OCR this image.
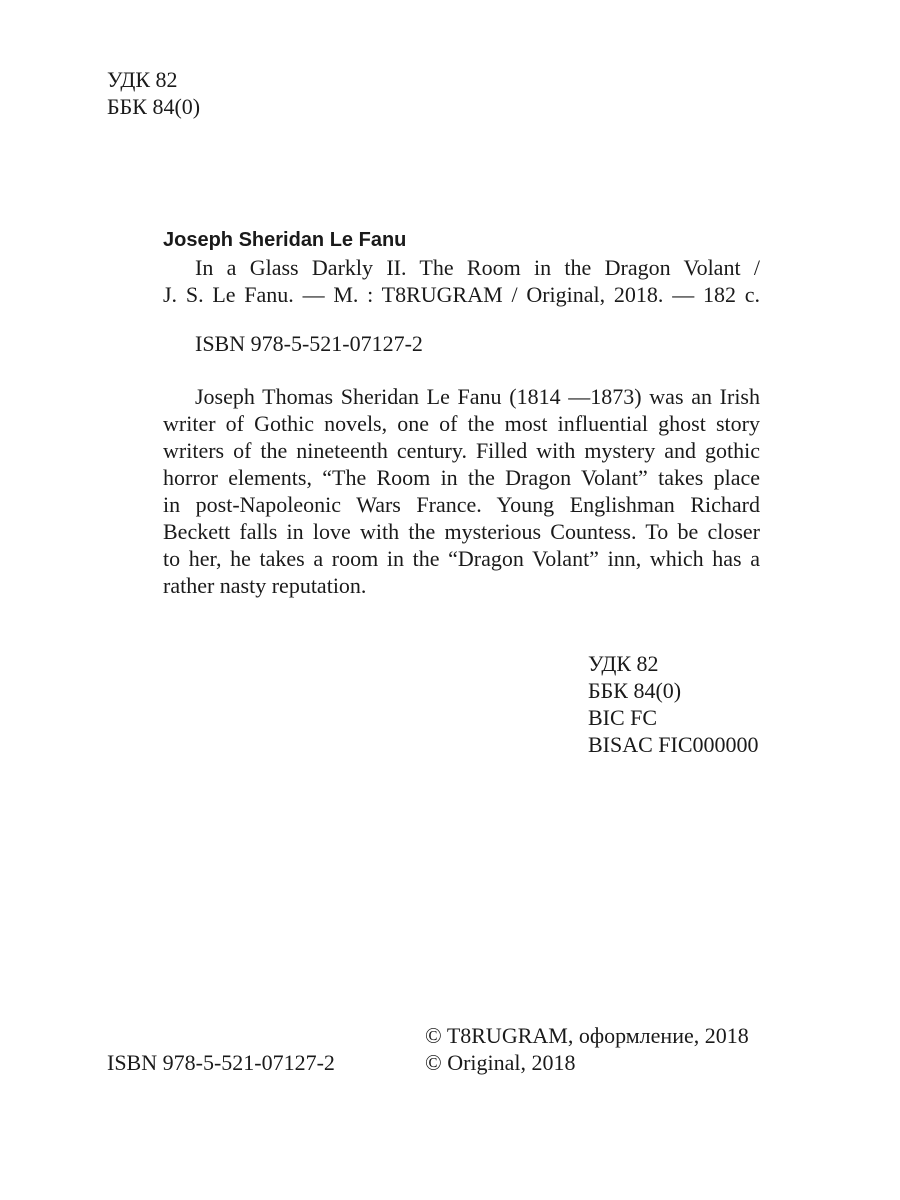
УДК 82
ББК 84(0)
Joseph Sheridan Le Fanu
In a Glass Darkly II. The Room in the Dragon Volant /
J. S. Le Fanu. — M. : T8RUGRAM / Original, 2018. — 182 c.
ISBN 978-5-521-07127-2
Joseph Thomas Sheridan Le Fanu (1814 —1873) was an Irish
writer of Gothic novels, one of the most influential ghost story
writers of the nineteenth century. Filled with mystery and gothic
horror elements, “The Room in the Dragon Volant” takes place
in post-Napoleonic Wars France. Young Englishman Richard
Beckett falls in love with the mysterious Countess. To be closer
to her, he takes a room in the “Dragon Volant” inn, which has a
rather nasty reputation.
УДК 82
ББК 84(0)
BIC FC
BISAC FIC000000
ISBN 978-5-521-07127-2
© T8RUGRAM, оформление, 2018
© Original, 2018
